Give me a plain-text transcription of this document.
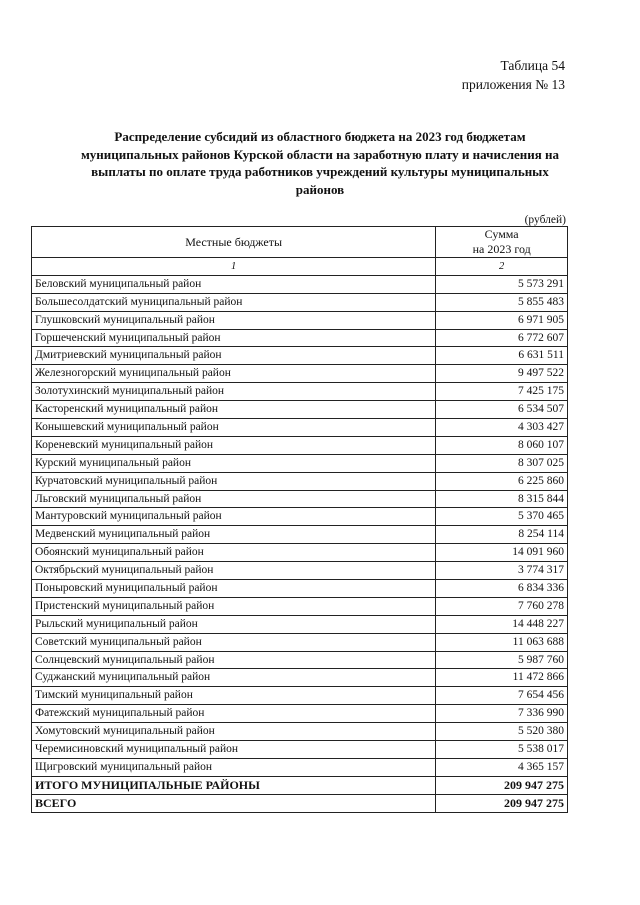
Таблица 54
приложения № 13
Распределение субсидий из областного бюджета на 2023 год бюджетам
муниципальных районов Курской области на заработную плату и начисления на
выплаты по оплате труда работников учреждений культуры муниципальных
районов
(рублей)
Местные бюджеты	Сумма
на 2023 год

1	2
Беловский муниципальный район	5 573 291
Большесолдатский муниципальный район	5 855 483
Глушковский муниципальный район	6 971 905
Горшеченский муниципальный район	6 772 607
Дмитриевский муниципальный район	6 631 511
Железногорский муниципальный район	9 497 522
Золотухинский муниципальный район	7 425 175
Касторенский муниципальный район	6 534 507
Конышевский муниципальный район	4 303 427
Кореневский муниципальный район	8 060 107
Курский муниципальный район	8 307 025
Курчатовский муниципальный район	6 225 860
Льговский муниципальный район	8 315 844
Мантуровский муниципальный район	5 370 465
Медвенский муниципальный район	8 254 114
Обоянский муниципальный район	14 091 960
Октябрьский муниципальный район	3 774 317
Поныровский муниципальный район	6 834 336
Пристенский муниципальный район	7 760 278
Рыльский муниципальный район	14 448 227
Советский муниципальный район	11 063 688
Солнцевский муниципальный район	5 987 760
Суджанский муниципальный район	11 472 866
Тимский муниципальный район	7 654 456
Фатежский муниципальный район	7 336 990
Хомутовский муниципальный район	5 520 380
Черемисиновский муниципальный район	5 538 017
Щигровский муниципальный район	4 365 157
ИТОГО МУНИЦИПАЛЬНЫЕ РАЙОНЫ	209 947 275
ВСЕГО	209 947 275
